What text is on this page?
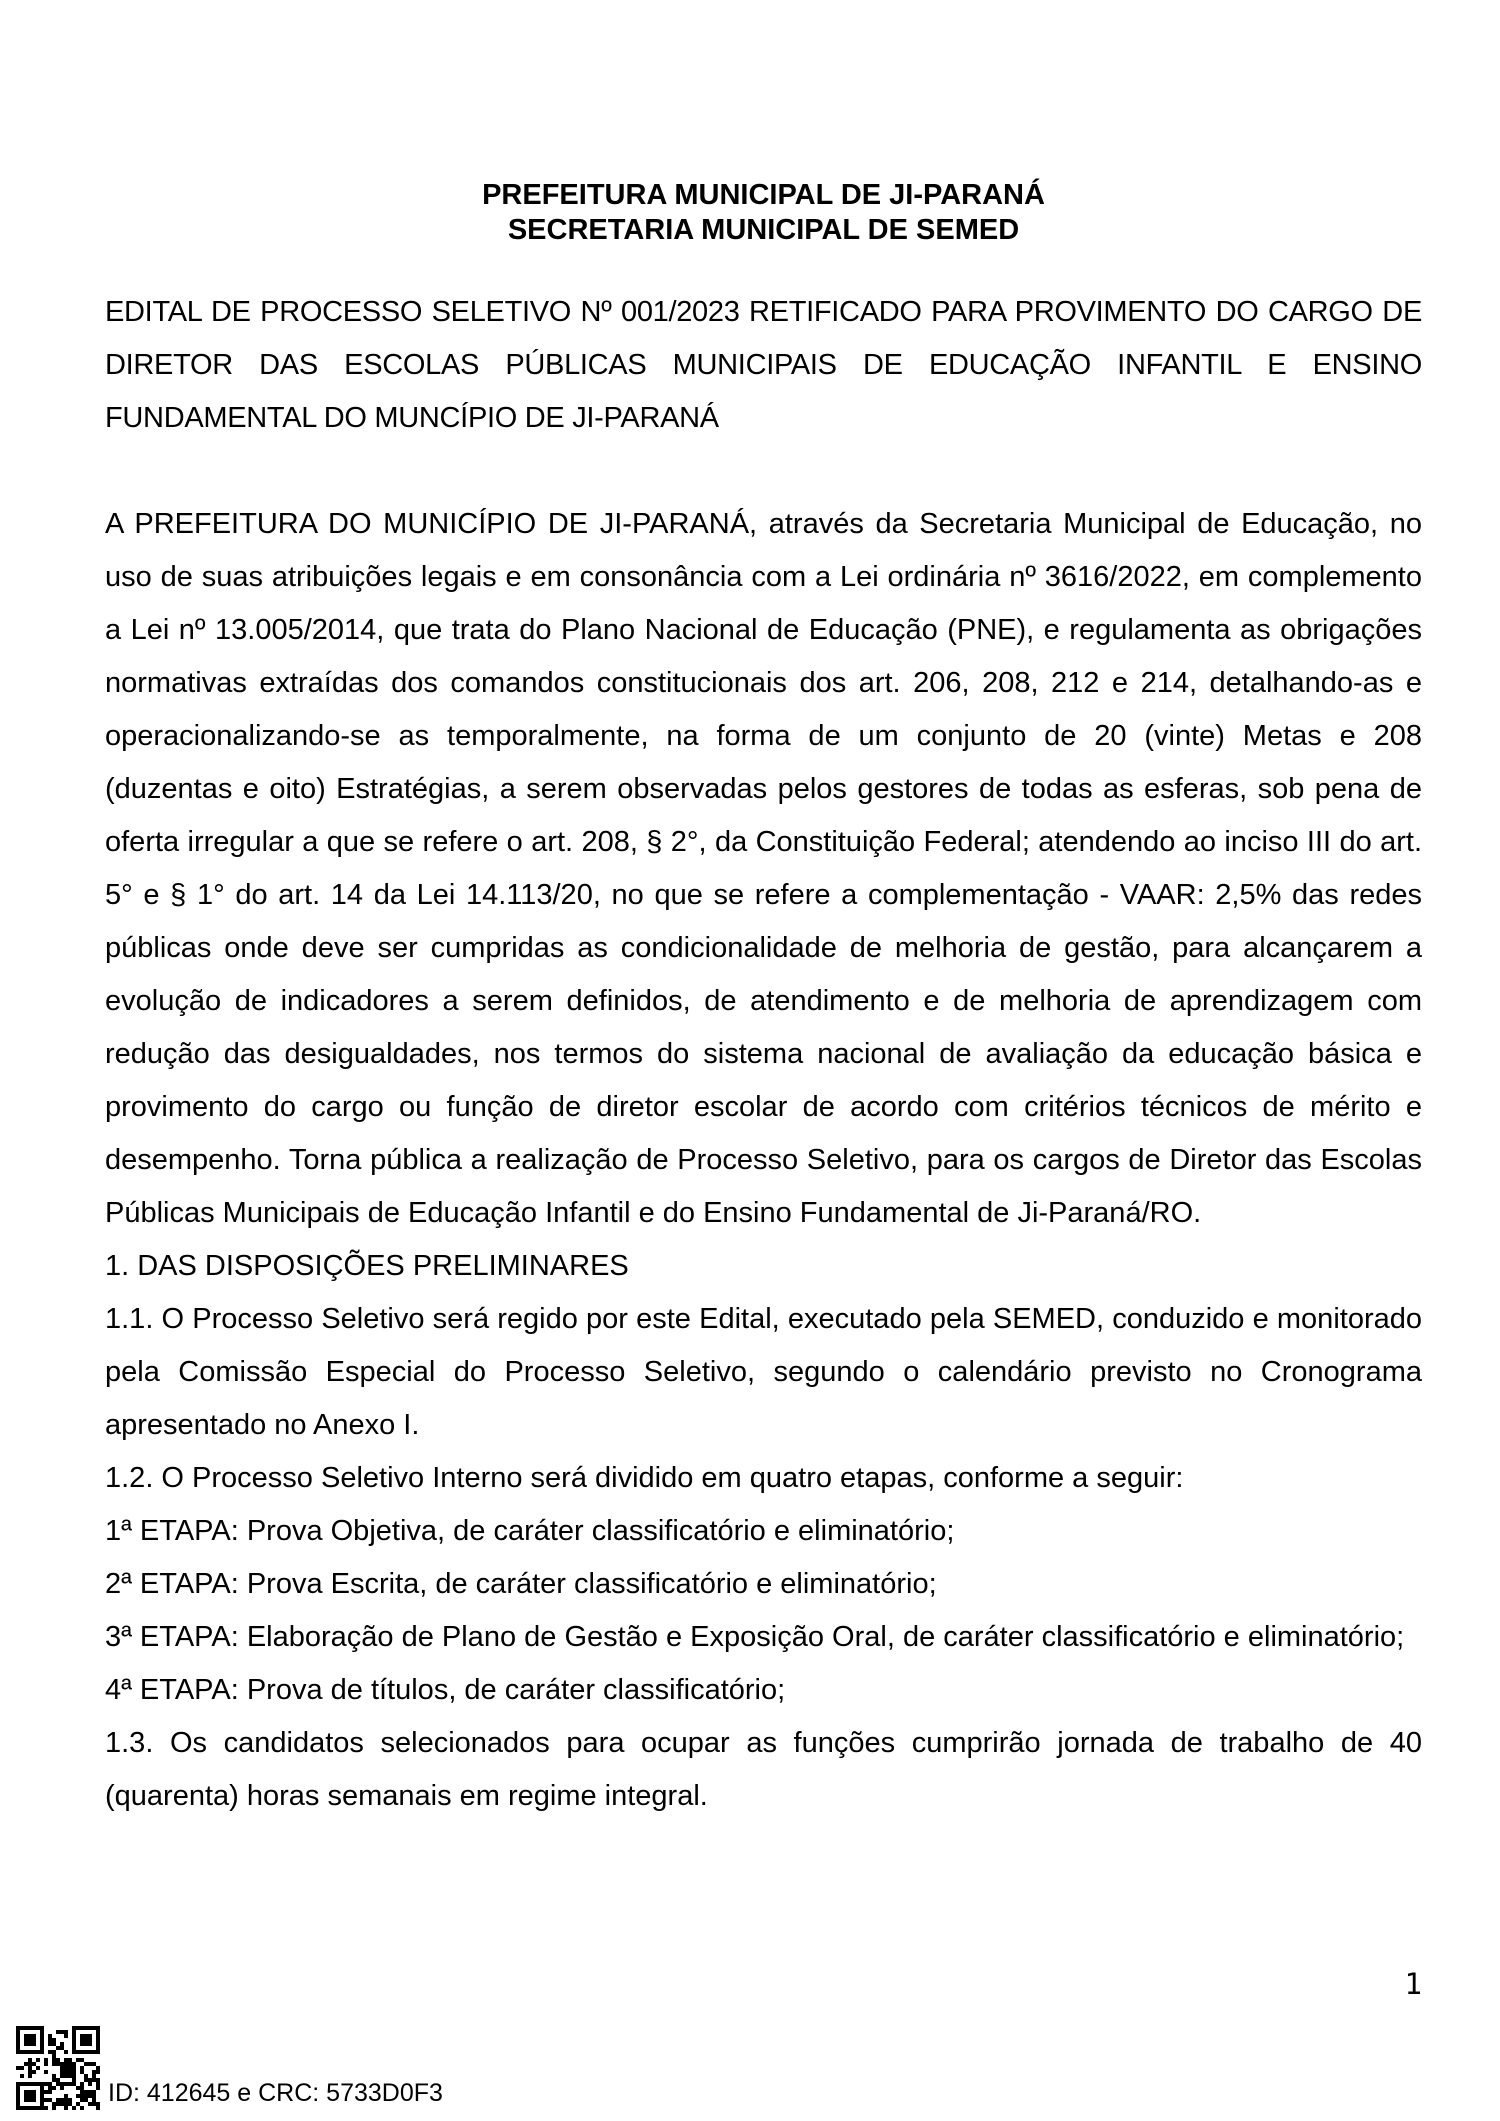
PREFEITURA MUNICIPAL DE JI-PARANÁ
SECRETARIA MUNICIPAL DE SEMED

EDITAL DE PROCESSO SELETIVO Nº 001/2023 RETIFICADO PARA PROVIMENTO DO CARGO DE DIRETOR DAS ESCOLAS PÚBLICAS MUNICIPAIS DE EDUCAÇÃO INFANTIL E ENSINO FUNDAMENTAL DO MUNCÍPIO DE JI-PARANÁ

A PREFEITURA DO MUNICÍPIO DE JI-PARANÁ, através da Secretaria Municipal de Educação, no uso de suas atribuições legais e em consonância com a Lei ordinária nº 3616/2022, em complemento a Lei nº 13.005/2014, que trata do Plano Nacional de Educação (PNE), e regulamenta as obrigações normativas extraídas dos comandos constitucionais dos art. 206, 208, 212 e 214, detalhando-as e operacionalizando-se as temporalmente, na forma de um conjunto de 20 (vinte) Metas e 208 (duzentas e oito) Estratégias, a serem observadas pelos gestores de todas as esferas, sob pena de oferta irregular a que se refere o art. 208, § 2°, da Constituição Federal; atendendo ao inciso III do art. 5° e § 1° do art. 14 da Lei 14.113/20, no que se refere a complementação - VAAR: 2,5% das redes públicas onde deve ser cumpridas as condicionalidade de melhoria de gestão, para alcançarem a evolução de indicadores a serem definidos, de atendimento e de melhoria de aprendizagem com redução das desigualdades, nos termos do sistema nacional de avaliação da educação básica e provimento do cargo ou função de diretor escolar de acordo com critérios técnicos de mérito e desempenho. Torna pública a realização de Processo Seletivo, para os cargos de Diretor das Escolas Públicas Municipais de Educação Infantil e do Ensino Fundamental de Ji-Paraná/RO.

1. DAS DISPOSIÇÕES PRELIMINARES

1.1. O Processo Seletivo será regido por este Edital, executado pela SEMED, conduzido e monitorado pela Comissão Especial do Processo Seletivo, segundo o calendário previsto no Cronograma apresentado no Anexo I.

1.2. O Processo Seletivo Interno será dividido em quatro etapas, conforme a seguir:

1ª ETAPA: Prova Objetiva, de caráter classificatório e eliminatório;

2ª ETAPA: Prova Escrita, de caráter classificatório e eliminatório;

3ª ETAPA: Elaboração de Plano de Gestão e Exposição Oral, de caráter classificatório e eliminatório;

4ª ETAPA: Prova de títulos, de caráter classificatório;

1.3. Os candidatos selecionados para ocupar as funções cumprirão jornada de trabalho de 40 (quarenta) horas semanais em regime integral.

1
ID: 412645 e CRC: 5733D0F3
